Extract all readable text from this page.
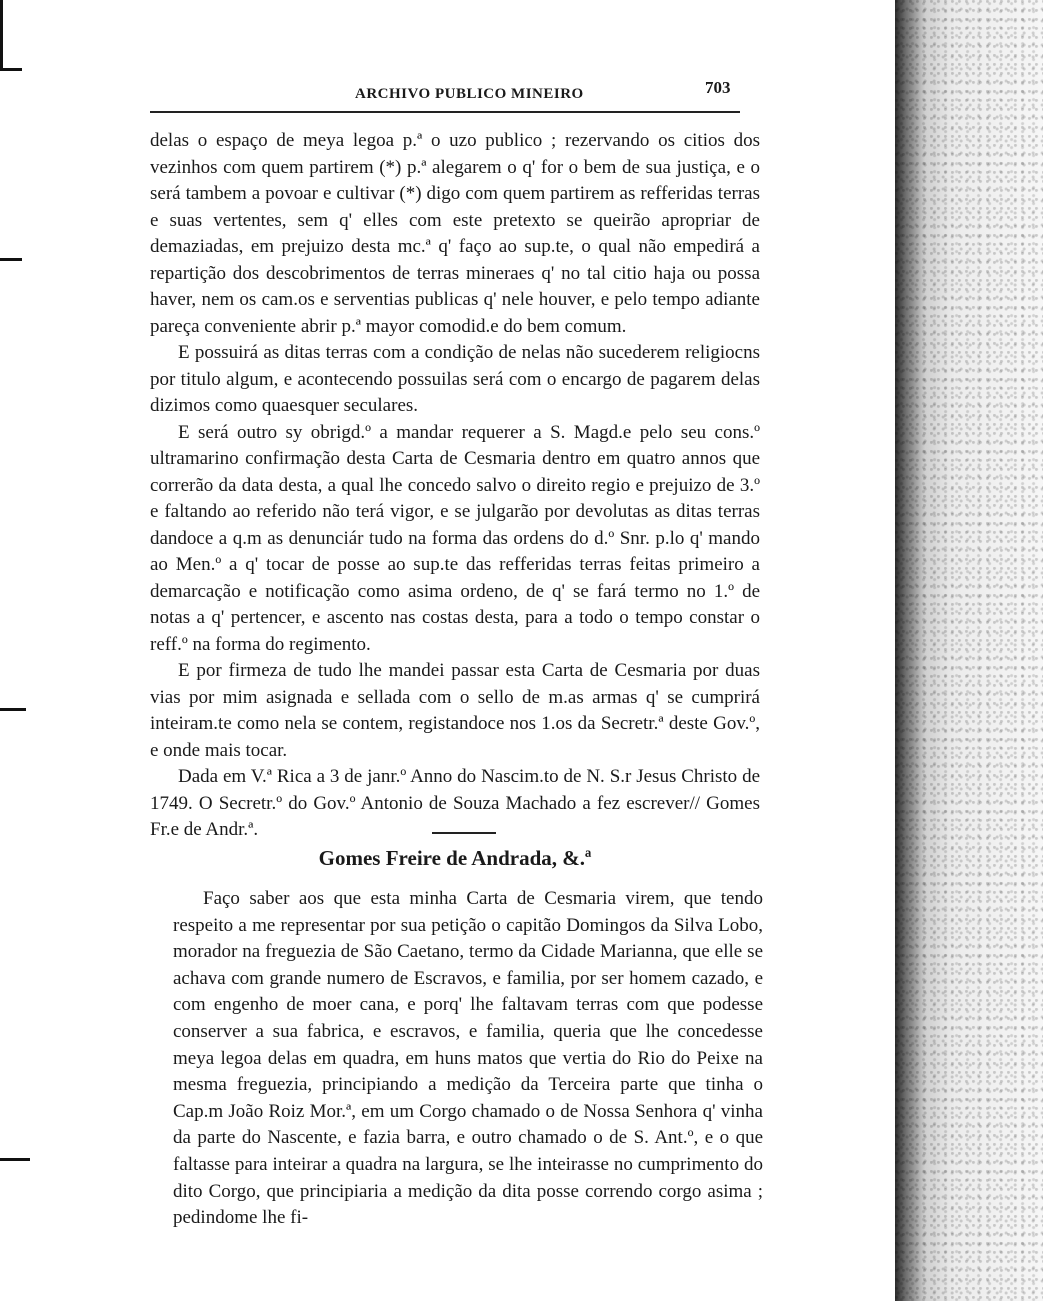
ARCHIVO PUBLICO MINEIRO	703

delas o espaço de meya legoa p.ª o uzo publico ; rezervando os citios dos vezinhos com quem partirem (*) p.ª alegarem o q' for o bem de sua justiça, e o será tambem a povoar e cultivar (*) digo com quem partirem as refferidas terras e suas vertentes, sem q' elles com este pretexto se queirão apropriar de demaziadas, em prejuizo desta mc.ª q' faço ao sup.te, o qual não empedirá a repartição dos descobrimentos de terras mineraes q' no tal citio haja ou possa haver, nem os cam.os e serventias publicas q' nele houver, e pelo tempo adiante pareça conveniente abrir p.ª mayor comodid.e do bem comum.

E possuirá as ditas terras com a condição de nelas não sucederem religiocns por titulo algum, e acontecendo possuilas será com o encargo de pagarem delas dizimos como quaesquer seculares.

E será outro sy obrigd.º a mandar requerer a S. Magd.e pelo seu cons.º ultramarino confirmação desta Carta de Cesmaria dentro em quatro annos que correrão da data desta, a qual lhe concedo salvo o direito regio e prejuizo de 3.º e faltando ao referido não terá vigor, e se julgarão por devolutas as ditas terras dandoce a q.m as denunciár tudo na forma das ordens do d.º Snr. p.lo q' mando ao Men.º a q' tocar de posse ao sup.te das refferidas terras feitas primeiro a demarcação e notificação como asima ordeno, de q' se fará termo no 1.º de notas a q' pertencer, e ascento nas costas desta, para a todo o tempo constar o reff.º na forma do regimento.

E por firmeza de tudo lhe mandei passar esta Carta de Cesmaria por duas vias por mim asignada e sellada com o sello de m.as armas q' se cumprirá inteiram.te como nela se contem, registandoce nos 1.os da Secretr.ª deste Gov.º, e onde mais tocar.

Dada em V.ª Rica a 3 de janr.º Anno do Nascim.to de N. S.r Jesus Christo de 1749. O Secretr.º do Gov.º Antonio de Souza Machado a fez escrever// Gomes Fr.e de Andr.ª.

Gomes Freire de Andrada, &.ª

Faço saber aos que esta minha Carta de Cesmaria virem, que tendo respeito a me representar por sua petição o capitão Domingos da Silva Lobo, morador na freguezia de São Caetano, termo da Cidade Marianna, que elle se achava com grande numero de Escravos, e familia, por ser homem cazado, e com engenho de moer cana, e porq' lhe faltavam terras com que podesse conserver a sua fabrica, e escravos, e familia, queria que lhe concedesse meya legoa delas em quadra, em huns matos que vertia do Rio do Peixe na mesma freguezia, principiando a medição da Terceira parte que tinha o Cap.m João Roiz Mor.ª, em um Corgo chamado o de Nossa Senhora q' vinha da parte do Nascente, e fazia barra, e outro chamado o de S. Ant.º, e o que faltasse para inteirar a quadra na largura, se lhe inteirasse no cumprimento do dito Corgo, que principiaria a medição da dita posse correndo corgo asima ; pedindome lhe fi-
